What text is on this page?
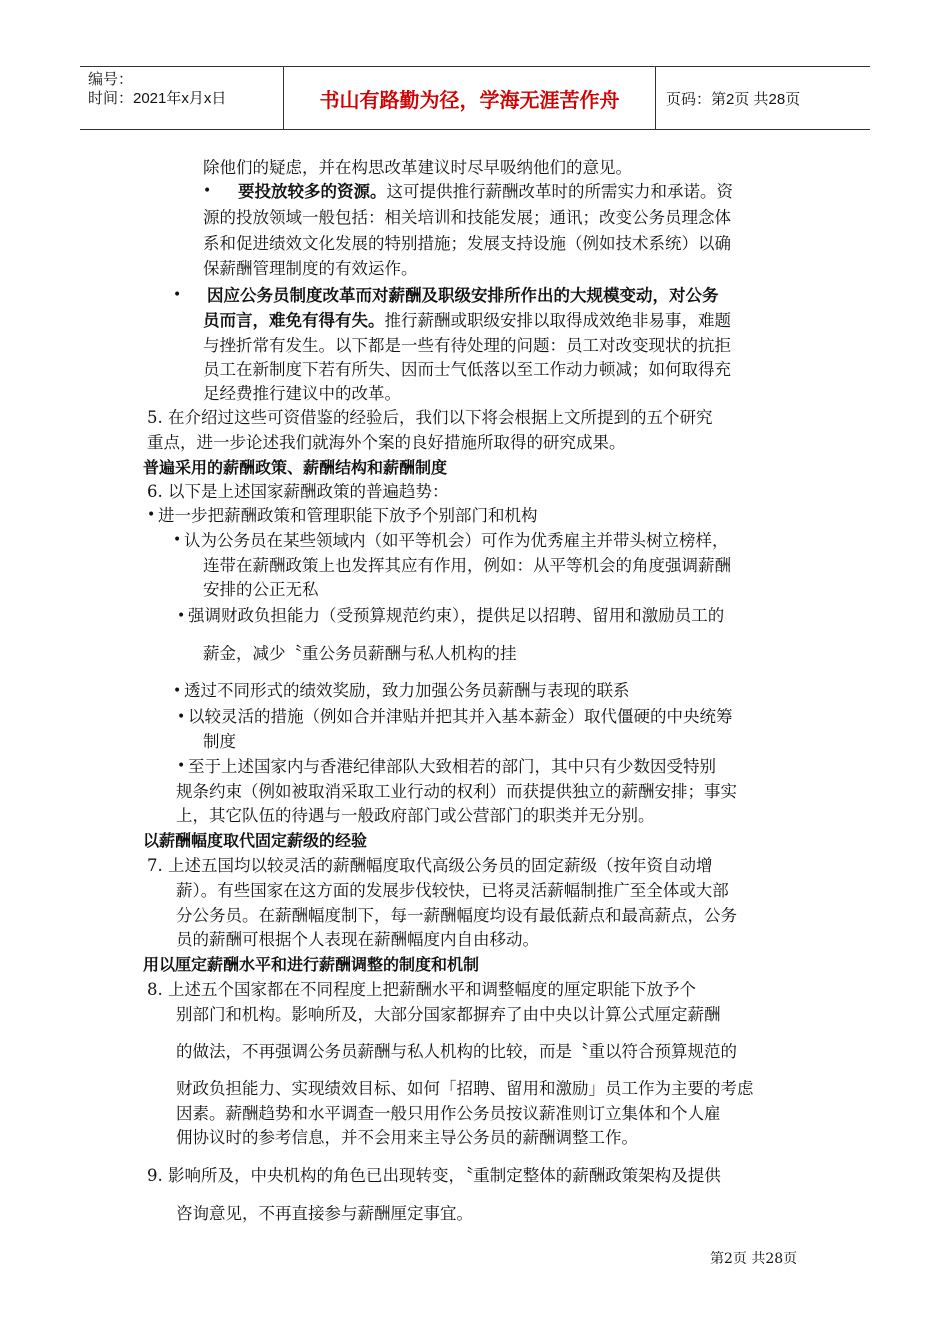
编号：
时间：2021年x月x日	书山有路勤为径，学海无涯苦作舟	页码：第2页 共28页
除他们的疑虑，并在构思改革建议时尽早吸纳他们的意见。
• 要投放较多的资源。这可提供推行薪酬改革时的所需实力和承诺。资
源的投放领域一般包括：相关培训和技能发展；通讯；改变公务员理念体
系和促进绩效文化发展的特别措施；发展支持设施（例如技术系统）以确
保薪酬管理制度的有效运作。
• 因应公务员制度改革而对薪酬及职级安排所作出的大规模变动，对公务
员而言，难免有得有失。推行薪酬或职级安排以取得成效绝非易事，难题
与挫折常有发生。以下都是一些有待处理的问题：员工对改变现状的抗拒
员工在新制度下若有所失、因而士气低落以至工作动力顿减；如何取得充
足经费推行建议中的改革。
5. 在介绍过这些可资借鉴的经验后，我们以下将会根据上文所提到的五个研究
重点，进一步论述我们就海外个案的良好措施所取得的研究成果。
普遍采用的薪酬政策、薪酬结构和薪酬制度
6. 以下是上述国家薪酬政策的普遍趋势：
• 进一步把薪酬政策和管理职能下放予个别部门和机构
• 认为公务员在某些领域内（如平等机会）可作为优秀雇主并带头树立榜样，
连带在薪酬政策上也发挥其应有作用，例如：从平等机会的角度强调薪酬
安排的公正无私
• 强调财政负担能力（受预算规范约束），提供足以招聘、留用和激励员工的
薪金，减少〝重公务员薪酬与私人机构的挂
• 透过不同形式的绩效奖励，致力加强公务员薪酬与表现的联系
• 以较灵活的措施（例如合并津贴并把其并入基本薪金）取代僵硬的中央统筹
制度
• 至于上述国家内与香港纪律部队大致相若的部门，其中只有少数因受特别
规条约束（例如被取消采取工业行动的权利）而获提供独立的薪酬安排；事实
上，其它队伍的待遇与一般政府部门或公营部门的职类并无分别。
以薪酬幅度取代固定薪级的经验
7. 上述五国均以较灵活的薪酬幅度取代高级公务员的固定薪级（按年资自动增
薪）。有些国家在这方面的发展步伐较快，已将灵活薪幅制推广至全体或大部
分公务员。在薪酬幅度制下，每一薪酬幅度均设有最低薪点和最高薪点，公务
员的薪酬可根据个人表现在薪酬幅度内自由移动。
用以厘定薪酬水平和进行薪酬调整的制度和机制
8. 上述五个国家都在不同程度上把薪酬水平和调整幅度的厘定职能下放予个
别部门和机构。影响所及，大部分国家都摒弃了由中央以计算公式厘定薪酬
的做法，不再强调公务员薪酬与私人机构的比较，而是〝重以符合预算规范的
财政负担能力、实现绩效目标、如何「招聘、留用和激励」员工作为主要的考虑
因素。薪酬趋势和水平调查一般只用作公务员按议薪准则订立集体和个人雇
佣协议时的参考信息，并不会用来主导公务员的薪酬调整工作。
9. 影响所及，中央机构的角色已出现转变，〝重制定整体的薪酬政策架构及提供
咨询意见，不再直接参与薪酬厘定事宜。
第2页 共28页
